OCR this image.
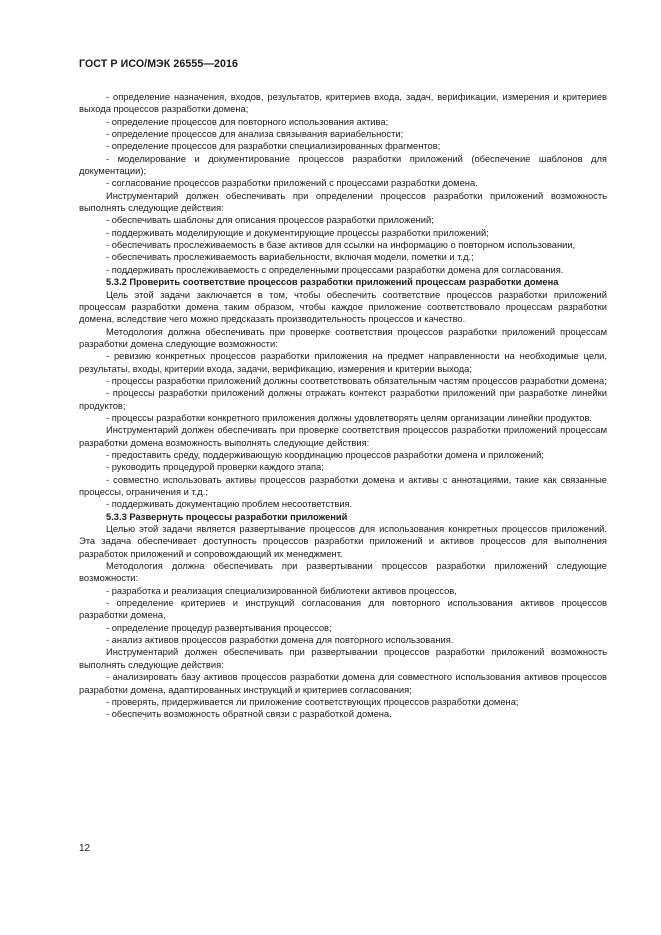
ГОСТ Р ИСО/МЭК 26555—2016

- определение назначения, входов, результатов, критериев входа, задач, верификации, измерения и критериев выхода процессов разработки домена;

- определение процессов для повторного использования актива;

- определение процессов для анализа связывания вариабельности;

- определение процессов для разработки специализированных фрагментов;

- моделирование и документирование процессов разработки приложений (обеспечение шаблонов для документации);

- согласование процессов разработки приложений с процессами разработки домена.

Инструментарий должен обеспечивать при определении процессов разработки приложений возможность выполнять следующие действия:

- обеспечивать шаблоны для описания процессов разработки приложений;

- поддерживать моделирующие и документирующие процессы разработки приложений;

- обеспечивать прослеживаемость в базе активов для ссылки на информацию о повторном использовании,

- обеспечивать прослеживаемость вариабельности, включая модели, пометки и т.д.;

- поддерживать прослеживаемость с определенными процессами разработки домена для согласования.

5.3.2 Проверить соответствие процессов разработки приложений процессам разработки домена

Цель этой задачи заключается в том, чтобы обеспечить соответствие процессов разработки приложений процессам разработки домена таким образом, чтобы каждое приложение соответствовало процессам разработки домена, вследствие чего можно предсказать производительность процессов и качество.

Методология должна обеспечивать при проверке соответствия процессов разработки приложений процессам разработки домена следующие возможности:

- ревизию конкретных процессов разработки приложения на предмет направленности на необходимые цели, результаты, входы, критерии входа, задачи, верификацию, измерения и критерии выхода;

- процессы разработки приложений должны соответствовать обязательным частям процессов разработки домена;

- процессы разработки приложений должны отражать контекст разработки приложений при разработке линейки продуктов;

- процессы разработки конкретного приложения должны удовлетворять целям организации линейки продуктов.

Инструментарий должен обеспечивать при проверке соответствия процессов разработки приложений процессам разработки домена возможность выполнять следующие действия:

- предоставить среду, поддерживающую координацию процессов разработки домена и приложений;

- руководить процедурой проверки каждого этапа;

- совместно использовать активы процессов разработки домена и активы с аннотациями, такие как связанные процессы, ограничения и т.д.;

- поддерживать документацию проблем несоответствия.

5.3.3 Развернуть процессы разработки приложений

Целью этой задачи является развертывание процессов для использования конкретных процессов приложений. Эта задача обеспечивает доступность процессов разработки приложений и активов процессов для выполнения разработок приложений и сопровождающий их менеджмент.

Методология должна обеспечивать при развертывании процессов разработки приложений следующие возможности:

- разработка и реализация специализированной библиотеки активов процессов,

- определение критериев и инструкций согласования для повторного использования активов процессов разработки домена,

- определение процедур развертывания процессов;

- анализ активов процессов разработки домена для повторного использования.

Инструментарий должен обеспечивать при развертывании процессов разработки приложений возможность выполнять следующие действия:

- анализировать базу активов процессов разработки домена для совместного использования активов процессов разработки домена, адаптированных инструкций и критериев согласования;

- проверять, придерживается ли приложение соответствующих процессов разработки домена;

- обеспечить возможность обратной связи с разработкой домена.

12
